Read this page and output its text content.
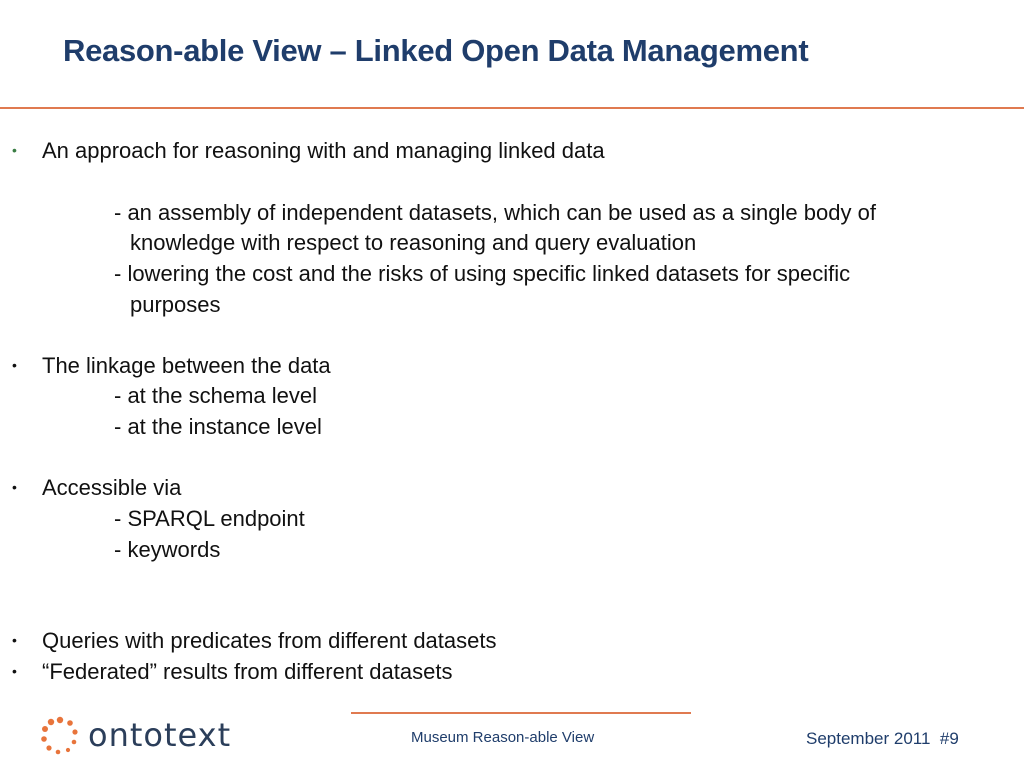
Reason-able View – Linked Open Data Management
• An approach for reasoning with and managing linked data
- an assembly of independent datasets, which can be used as a single body of
knowledge with respect to reasoning and query evaluation
- lowering the cost and the risks of using specific linked datasets for specific
purposes
• The linkage between the data
- at the schema level
- at the instance level
• Accessible via
- SPARQL endpoint
- keywords
• Queries with predicates from different datasets
• “Federated” results from different datasets
ontotext	Museum Reason-able View	September 2011 #9
